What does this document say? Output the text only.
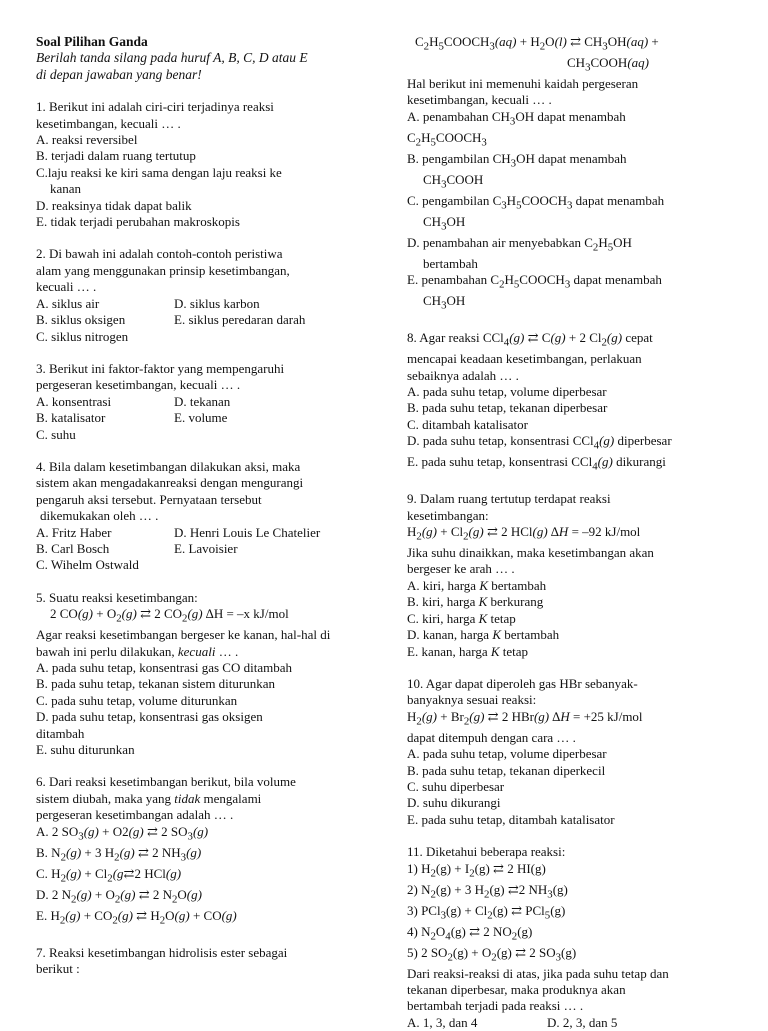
Soal Pilihan Ganda

Berilah tanda silang pada huruf A, B, C, D atau E

di depan jawaban yang benar!

1. Berikut ini adalah ciri-ciri terjadinya reaksi

kesetimbangan, kecuali … .

A. reaksi reversibel

B. terjadi dalam ruang tertutup

C.laju reaksi ke kiri sama dengan laju reaksi ke

kanan

D. reaksinya tidak dapat balik

E. tidak terjadi perubahan makroskopis

2. Di bawah ini adalah contoh-contoh peristiwa

alam yang menggunakan prinsip kesetimbangan,

kecuali … .

A. siklus air	D. siklus karbon
B. siklus oksigen	E. siklus peredaran darah
C. siklus nitrogen

3. Berikut ini faktor-faktor yang mempengaruhi

pergeseran kesetimbangan, kecuali … .

A. konsentrasi	D. tekanan
B. katalisator	E. volume
C. suhu

4. Bila dalam kesetimbangan dilakukan aksi, maka

sistem akan mengadakanreaksi dengan mengurangi

pengaruh aksi tersebut. Pernyataan tersebut

dikemukakan oleh … .

A. Fritz Haber	D. Henri Louis Le Chatelier
B. Carl Bosch	E. Lavoisier
C. Wihelm Ostwald

5. Suatu reaksi kesetimbangan:

2 $CO(g) + O_2(g)$ ⇄ 2 $CO_2(g) \Delta H = -x$ kJ/mol

Agar reaksi kesetimbangan bergeser ke kanan, hal-hal di

bawah ini perlu dilakukan, kecuali … .

A. pada suhu tetap, konsentrasi gas CO ditambah

B. pada suhu tetap, tekanan sistem diturunkan

C. pada suhu tetap, volume diturunkan

D. pada suhu tetap, konsentrasi gas oksigen

ditambah

E. suhu diturunkan

6. Dari reaksi kesetimbangan berikut, bila volume

sistem diubah, maka yang tidak mengalami

pergeseran kesetimbangan adalah … .

A. 2 $SO_3(g) + O2(g)$ ⇄ 2 $SO_3(g)$

B. $N_2(g) + 3$ $H_2(g)$ ⇄ 2 $NH_3(g)$

C. $H_2(g)$ + $Cl_2(g⇄2$ HCl(g)

D. 2 $N_2(g) + O_2(g)$ ⇄ 2 $N_2O(g)$

E. $H_2(g) + CO_2(g)$ ⇄ $H_2O(g) + CO(g)$

7. Reaksi kesetimbangan hidrolisis ester sebagai

berikut :

$C_2H_5COOCH_3(aq) + H_2O(l)$ ⇄ $CH_3OH(aq)$ +

$CH_3COOH(aq)$

Hal berikut ini memenuhi kaidah pergeseran

kesetimbangan, kecuali … .

A. penambahan $CH_3OH$ dapat menambah

$C_2H_5COOCH_3$

B. pengambilan $CH_3OH$ dapat menambah

$CH_3COOH$

C. pengambilan $C_3H_5COOCH_3$ dapat menambah

$CH_3OH$

D. penambahan air menyebabkan $C_2H_5OH$

bertambah

E. penambahan $C_2H_5COOCH_3$ dapat menambah

$CH_3OH$

8. Agar reaksi CCl$_4$(g) ⇄ C(g) + 2 $Cl_2(g)$ cepat

mencapai keadaan kesetimbangan, perlakuan

sebaiknya adalah … .

A. pada suhu tetap, volume diperbesar

B. pada suhu tetap, tekanan diperbesar

C. ditambah katalisator

D. pada suhu tetap, konsentrasi CCl$_4$(g) diperbesar

E. pada suhu tetap, konsentrasi CCl$_4$(g) dikurangi

9. Dalam ruang tertutup terdapat reaksi

kesetimbangan:

$H_2(g) + Cl_2(g)$ ⇄ 2 HCl(g) ∆H = –92 kJ/mol

Jika suhu dinaikkan, maka kesetimbangan akan

bergeser ke arah … .

A. kiri, harga K bertambah

B. kiri, harga K berkurang

C. kiri, harga K tetap

D. kanan, harga K bertambah

E. kanan, harga K tetap

10. Agar dapat diperoleh gas HBr sebanyak-

banyaknya sesuai reaksi:

$H_2(g) + Br_2(g)$ ⇄ 2 HBr(g) ∆H = +25 kJ/mol

dapat ditempuh dengan cara … .

A. pada suhu tetap, volume diperbesar

B. pada suhu tetap, tekanan diperkecil

C. suhu diperbesar

D. suhu dikurangi

E. pada suhu tetap, ditambah katalisator

11. Diketahui beberapa reaksi:

1) $H_2(g) + I_2(g)$ ⇄ 2 HI(g)

2) $N_2(g) + 3$ $H_2(g)$ ⇄2 $NH_3(g)$

3) $PCl_3(g) + Cl_2(g)$ ⇄ PCl$_5$(g)

4) $N_2O_4(g)$ ⇄ 2 $NO_2(g)$

5) 2 $SO_2(g) + O_2(g)$ ⇄ 2 $SO_3(g)$

Dari reaksi-reaksi di atas, jika pada suhu tetap dan

tekanan diperbesar, maka produknya akan

bertambah terjadi pada reaksi … .

A. 1, 3, dan 4	D. 2, 3, dan 5
